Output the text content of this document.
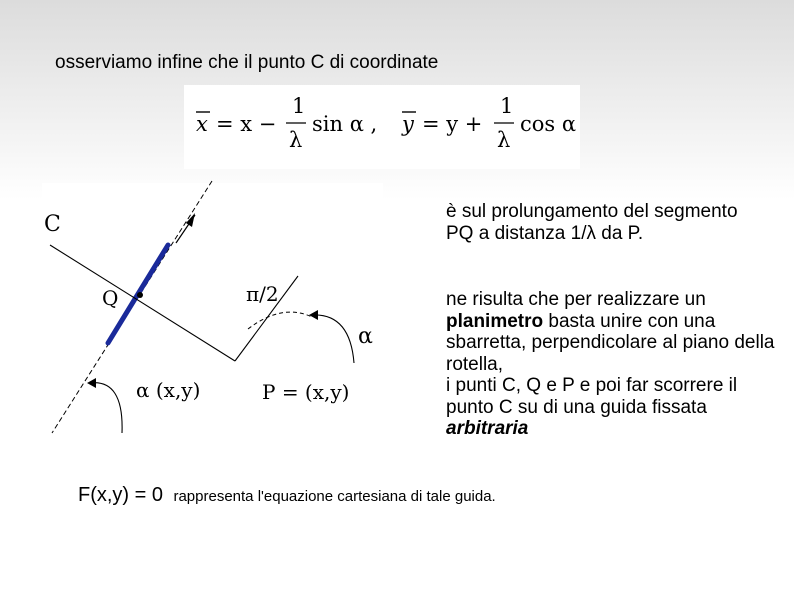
osserviamo infine che il punto C di coordinate
x = x −
1
λ
sin α , y = y +
1
λ
cos α
C
Q	π/2
α
α (x,y)	P = (x,y)
è sul prolungamento del segmento PQ a distanza 1/λ da P.
ne risulta che per realizzare un planimetro basta unire con una sbarretta, perpendicolare al piano della rotella,
i punti C, Q e P e poi far scorrere il punto C su di una guida fissata arbitraria
F(x,y) = 0 rappresenta l'equazione cartesiana di tale guida.
